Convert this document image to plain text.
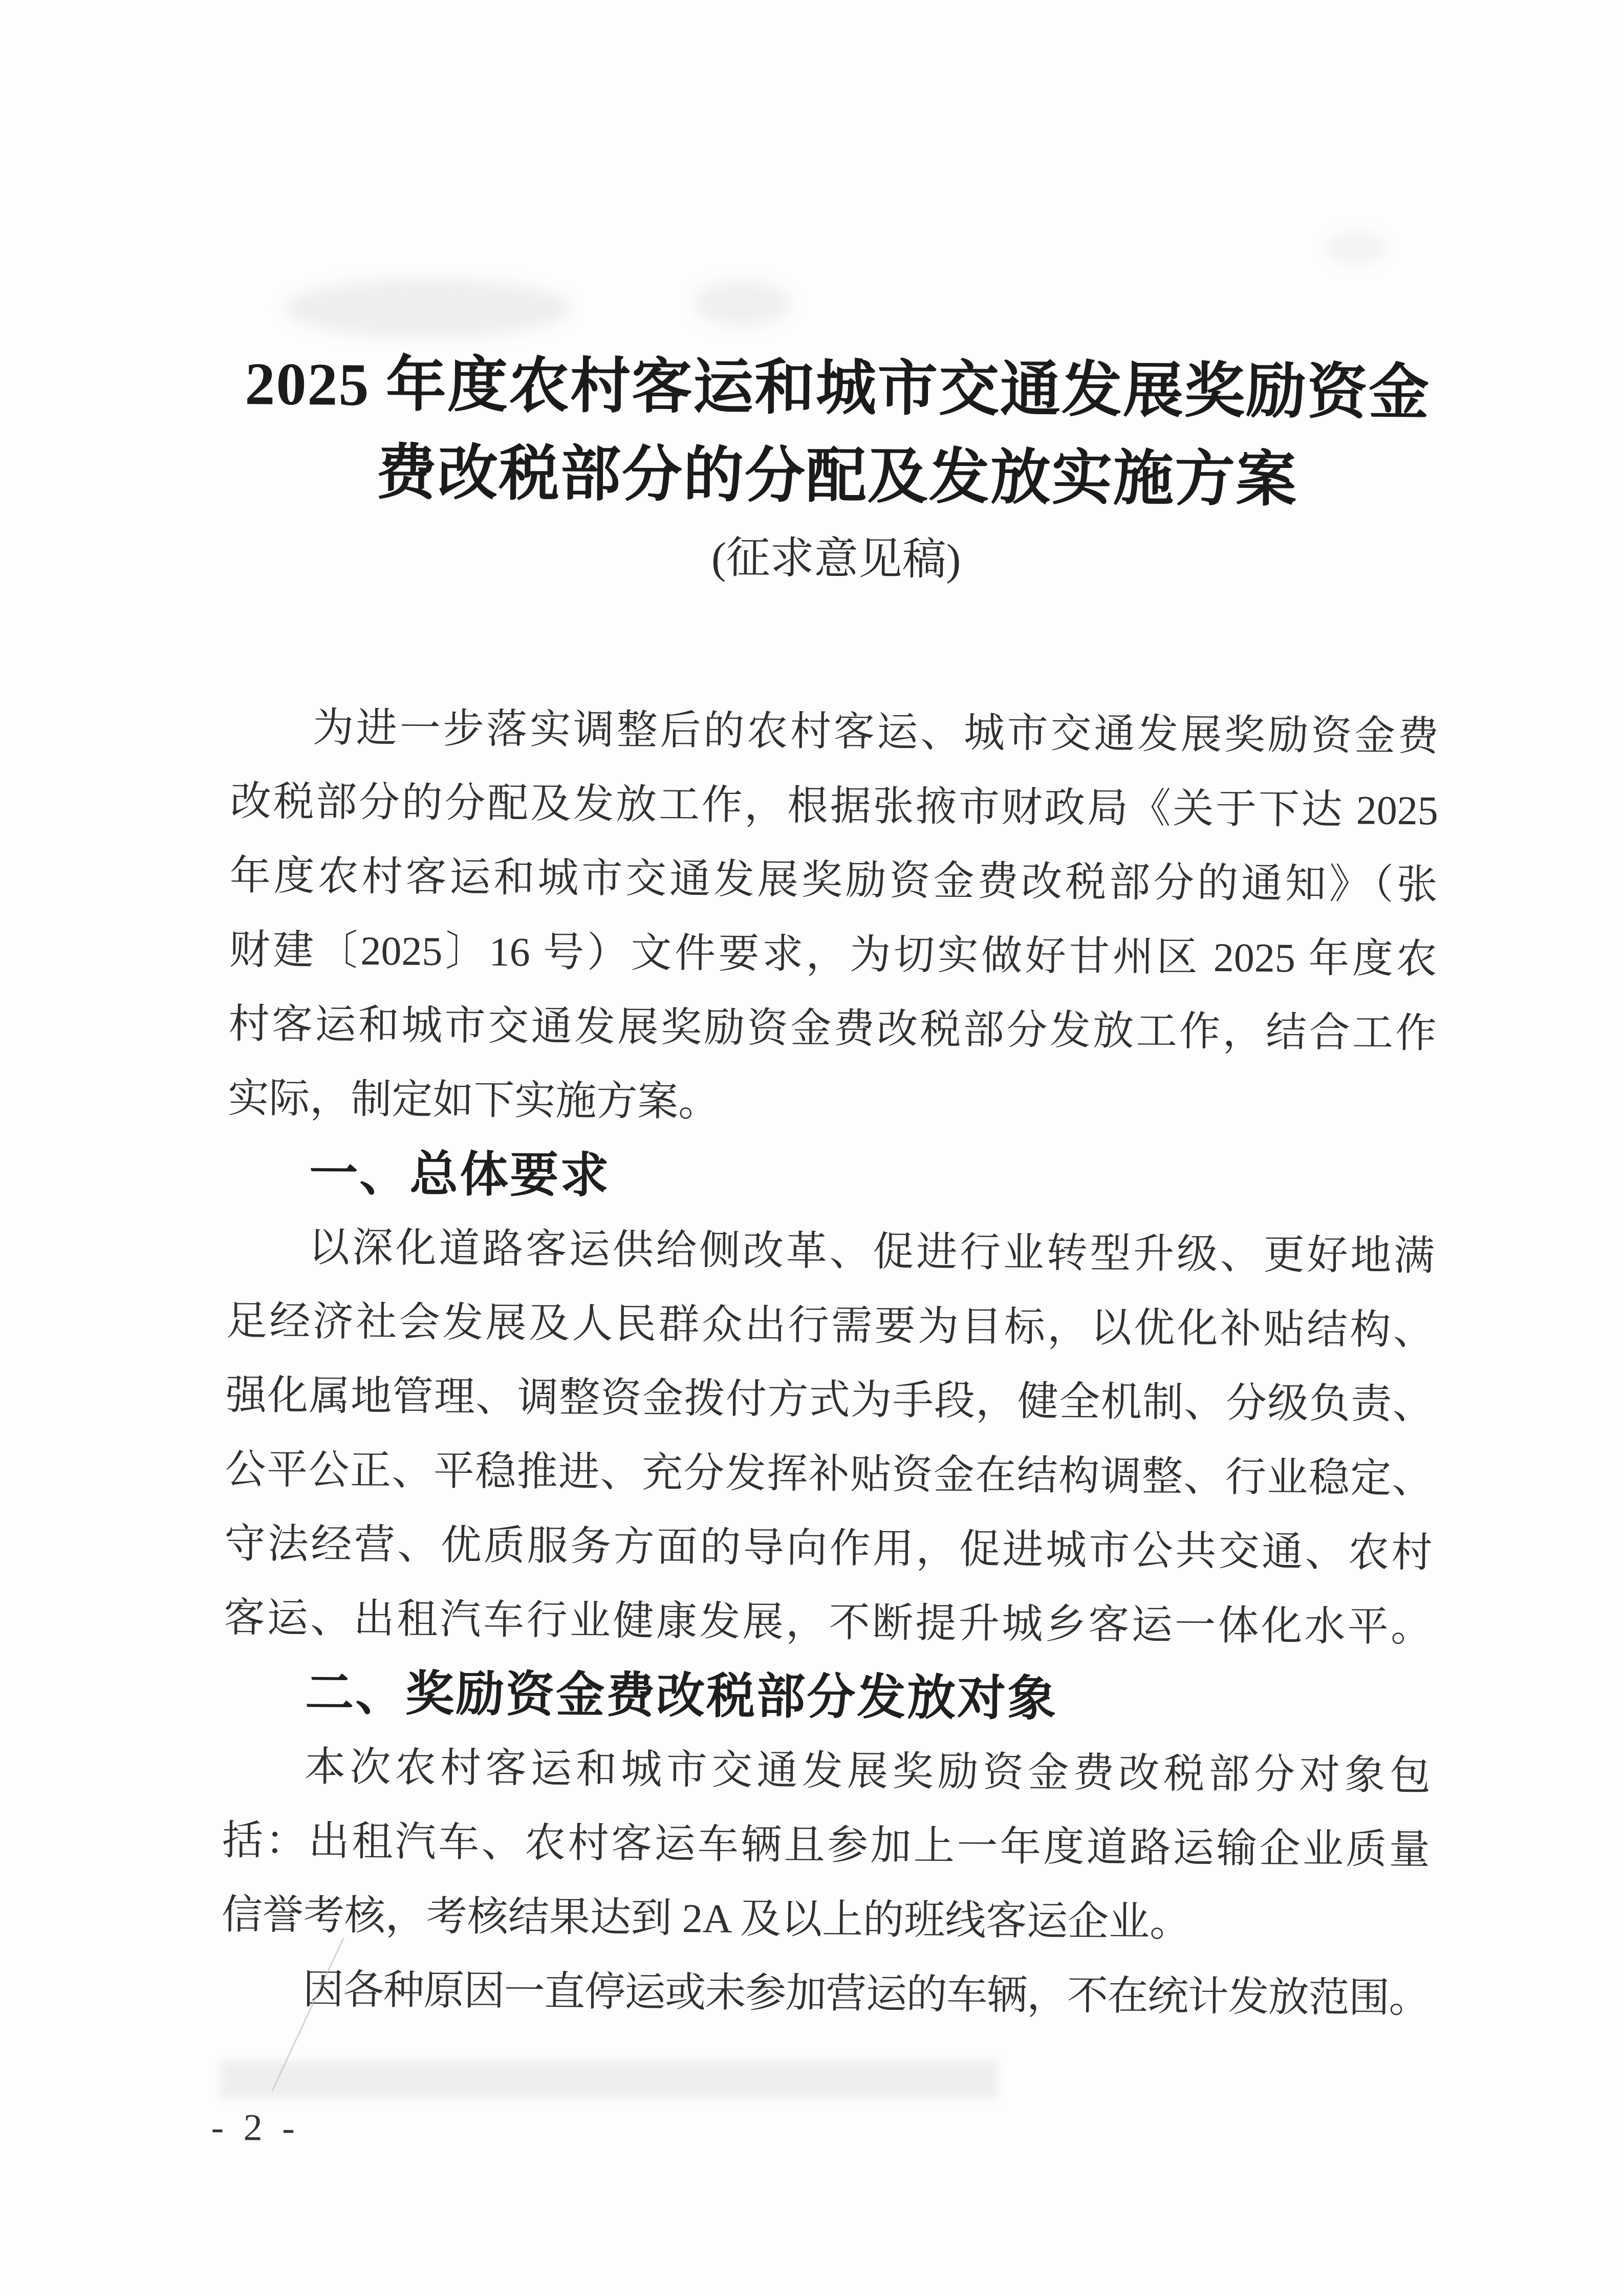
2025 年度农村客运和城市交通发展奖励资金
费改税部分的分配及发放实施方案
(征求意见稿)
为进一步落实调整后的农村客运、城市交通发展奖励资金费
改税部分的分配及发放工作，根据张掖市财政局《关于下达 2025
年度农村客运和城市交通发展奖励资金费改税部分的通知》（张
财建〔2025〕16 号）文件要求，为切实做好甘州区 2025 年度农
村客运和城市交通发展奖励资金费改税部分发放工作，结合工作
实际，制定如下实施方案。
一、总体要求
以深化道路客运供给侧改革、促进行业转型升级、更好地满
足经济社会发展及人民群众出行需要为目标，以优化补贴结构、
强化属地管理、调整资金拨付方式为手段，健全机制、分级负责、
公平公正、平稳推进、充分发挥补贴资金在结构调整、行业稳定、
守法经营、优质服务方面的导向作用，促进城市公共交通、农村
客运、出租汽车行业健康发展，不断提升城乡客运一体化水平。
二、奖励资金费改税部分发放对象
本次农村客运和城市交通发展奖励资金费改税部分对象包
括：出租汽车、农村客运车辆且参加上一年度道路运输企业质量
信誉考核，考核结果达到 2A 及以上的班线客运企业。
因各种原因一直停运或未参加营运的车辆，不在统计发放范围。
- 2 -
